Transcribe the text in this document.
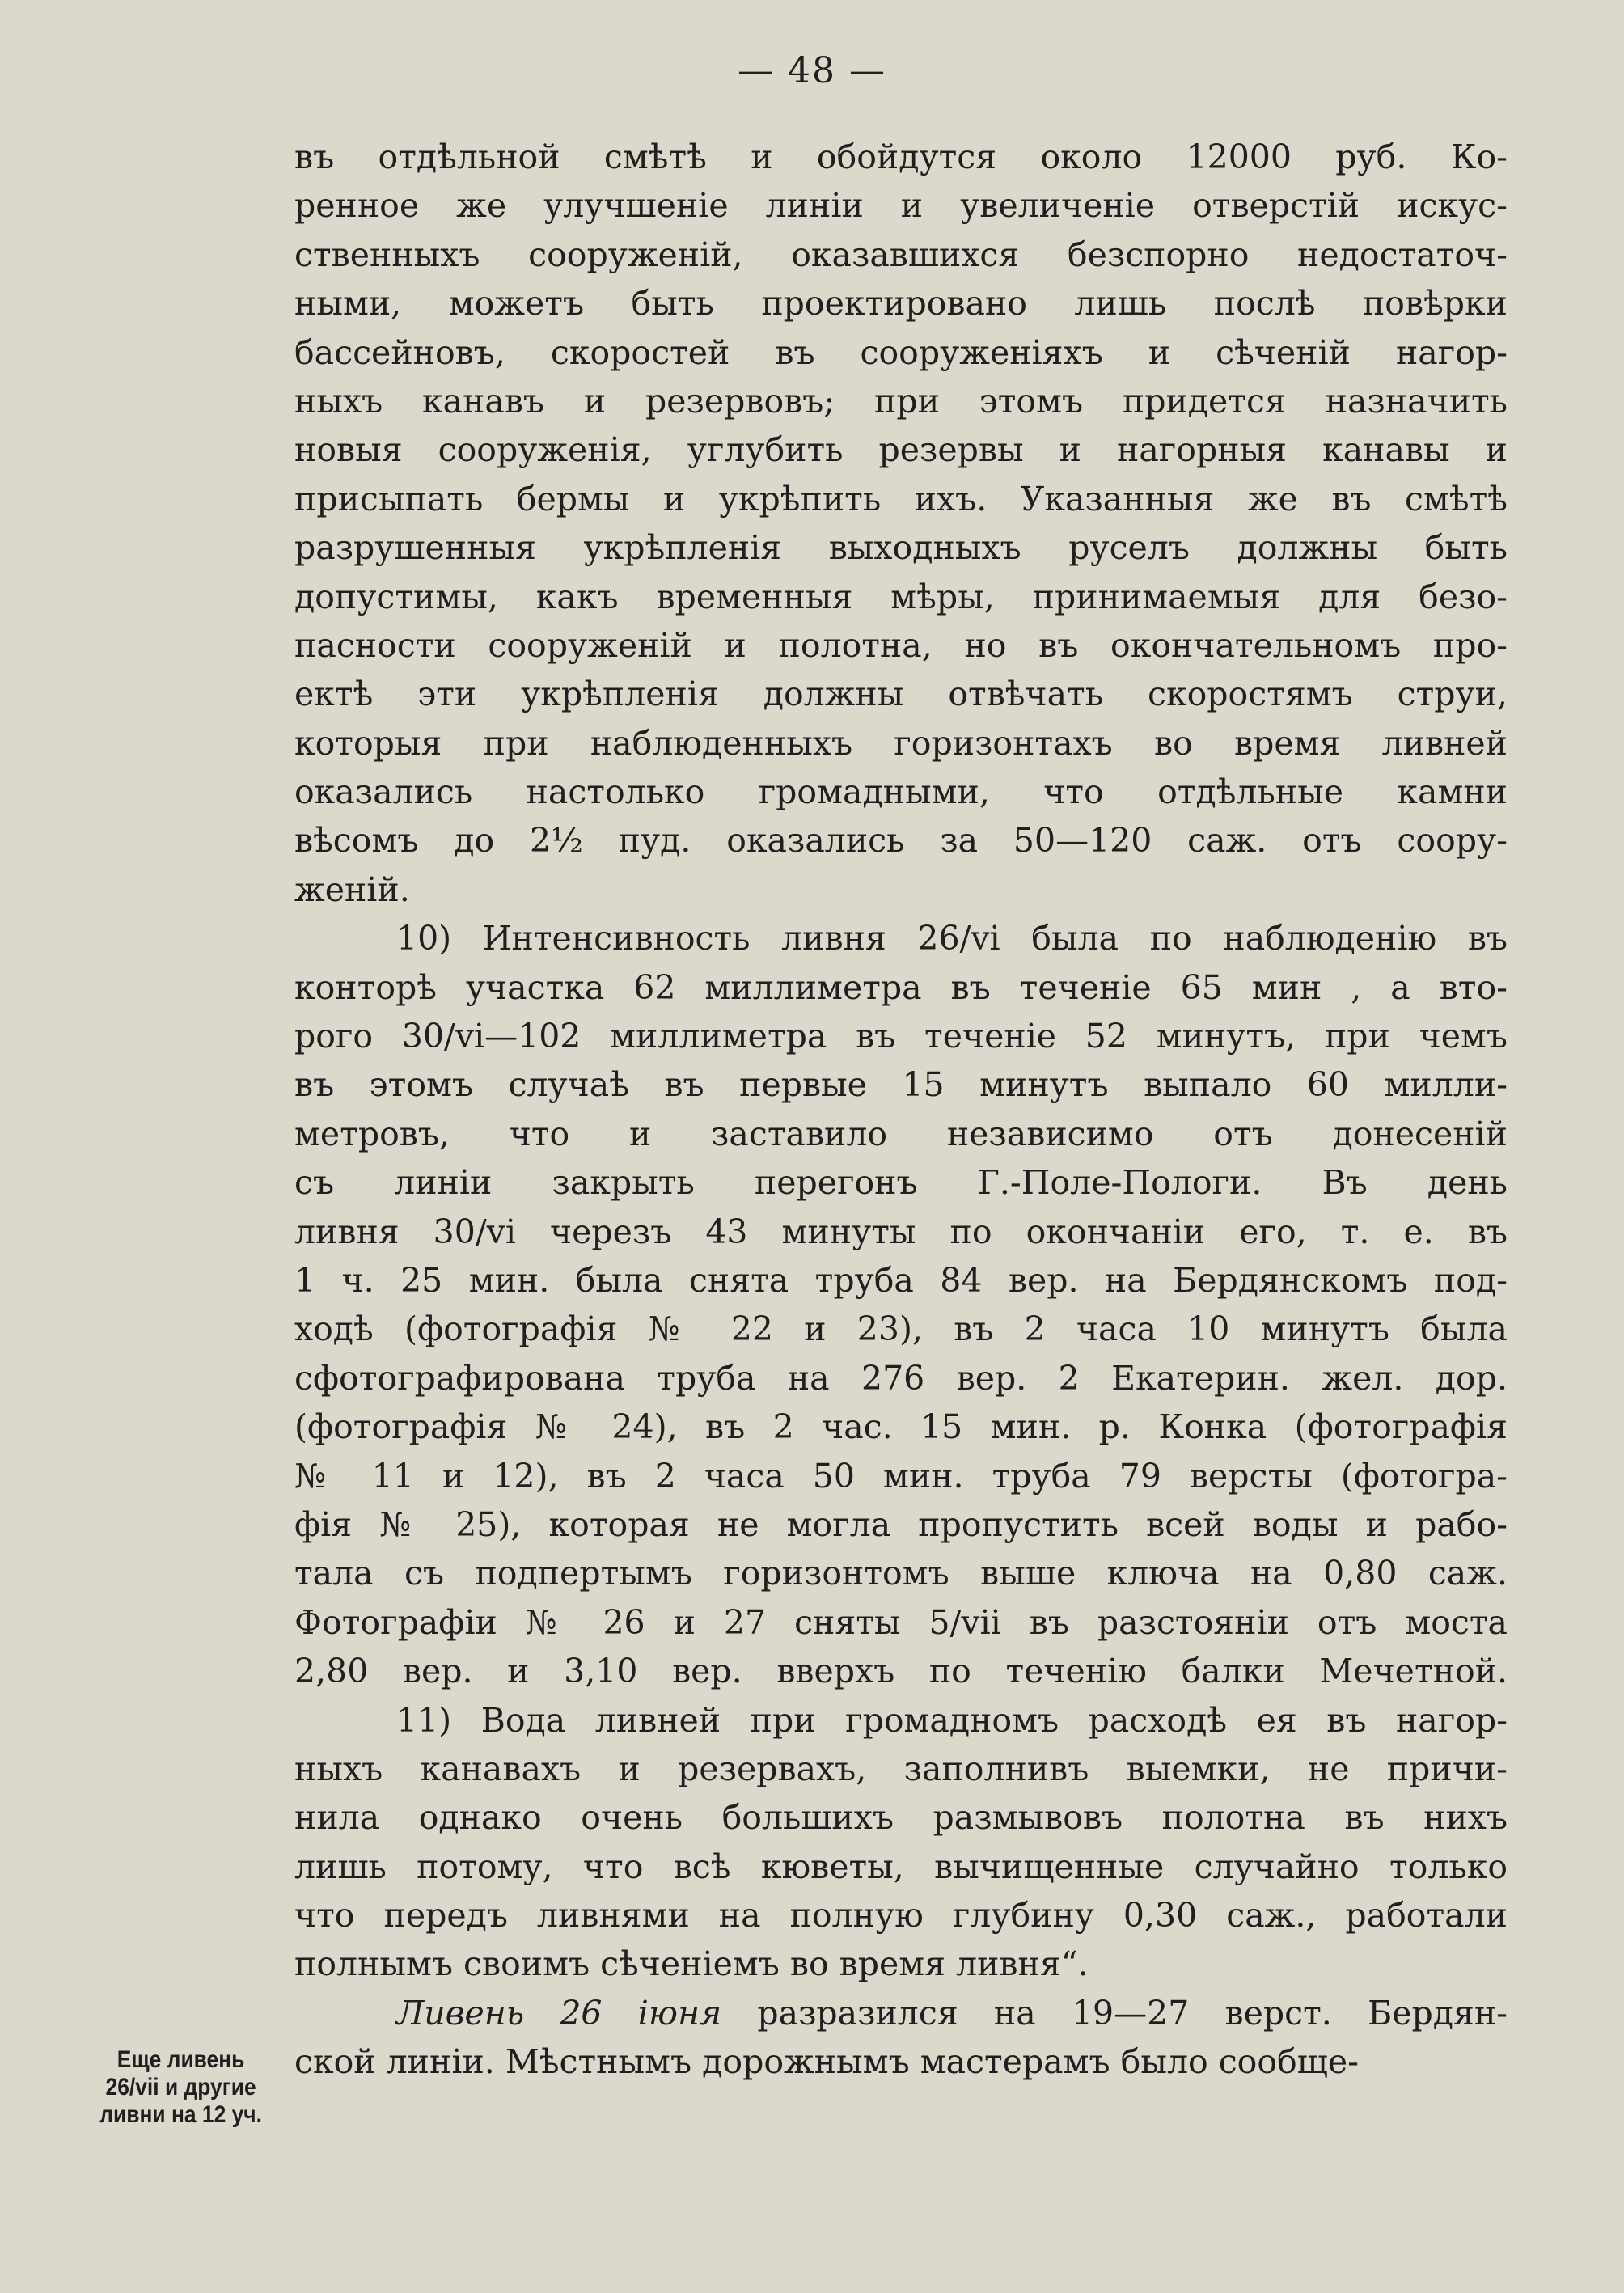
— 48 —
Еще ливень
26/vii и другие
ливни на 12 уч.
въ отдѣльной смѣтѣ и обойдутся около 12000 руб. Ко-
ренное же улучшеніе линіи и увеличеніе отверстій искус-
ственныхъ сооруженій, оказавшихся безспорно недостаточ-
ными, можетъ быть проектировано лишь послѣ повѣрки
бассейновъ, скоростей въ сооруженіяхъ и сѣченій нагор-
ныхъ канавъ и резервовъ; при этомъ придется назначить
новыя сооруженія, углубить резервы и нагорныя канавы и
присыпать бермы и укрѣпить ихъ. Указанныя же въ смѣтѣ
разрушенныя укрѣпленія выходныхъ руселъ должны быть
допустимы, какъ временныя мѣры, принимаемыя для безо-
пасности сооруженій и полотна, но въ окончательномъ про-
ектѣ эти укрѣпленія должны отвѣчать скоростямъ струи,
которыя при наблюденныхъ горизонтахъ во время ливней
оказались настолько громадными, что отдѣльные камни
вѣсомъ до 2½ пуд. оказались за 50—120 саж. отъ соору-
женій.
10) Интенсивность ливня 26/vi была по наблюденію въ
конторѣ участка 62 миллиметра въ теченіе 65 мин , а вто-
рого 30/vi—102 миллиметра въ теченіе 52 минутъ, при чемъ
въ этомъ случаѣ въ первые 15 минутъ выпало 60 милли-
метровъ, что и заставило независимо отъ донесеній
съ линіи закрыть перегонъ Г.-Поле-Пологи. Въ день
ливня 30/vi черезъ 43 минуты по окончаніи его, т. е. въ
1 ч. 25 мин. была снята труба 84 вер. на Бердянскомъ под-
ходѣ (фотографія № 22 и 23), въ 2 часа 10 минутъ была
сфотографирована труба на 276 вер. 2 Екатерин. жел. дор.
(фотографія № 24), въ 2 час. 15 мин. р. Конка (фотографія
№ 11 и 12), въ 2 часа 50 мин. труба 79 версты (фотогра-
фія № 25), которая не могла пропустить всей воды и рабо-
тала съ подпертымъ горизонтомъ выше ключа на 0,80 саж.
Фотографіи № 26 и 27 сняты 5/vii въ разстояніи отъ моста
2,80 вер. и 3,10 вер. вверхъ по теченію балки Мечетной.
11) Вода ливней при громадномъ расходѣ ея въ нагор-
ныхъ канавахъ и резервахъ, заполнивъ выемки, не причи-
нила однако очень большихъ размывовъ полотна въ нихъ
лишь потому, что всѣ кюветы, вычищенные случайно только
что передъ ливнями на полную глубину 0,30 саж., работали
полнымъ своимъ сѣченіемъ во время ливня“.
Ливень 26 іюня разразился на 19—27 верст. Бердян-
ской линіи. Мѣстнымъ дорожнымъ мастерамъ было сообще-
